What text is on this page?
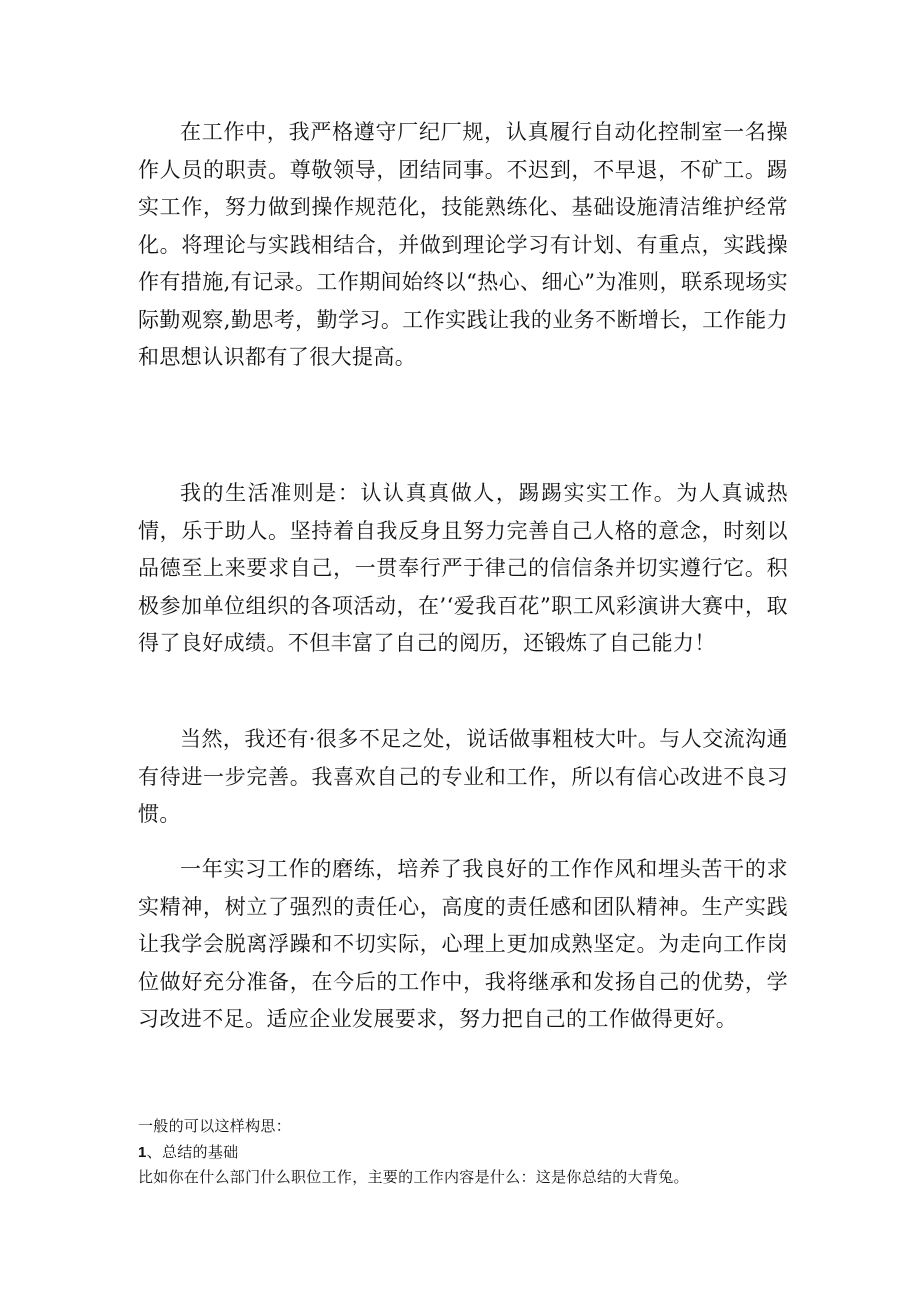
在工作中，我严格遵守厂纪厂规，认真履行自动化控制室一名操作人员的职责。尊敬领导，团结同事。不迟到，不早退，不矿工。踢实工作，努力做到操作规范化，技能熟练化、基础设施清洁维护经常化。将理论与实践相结合，并做到理论学习有计划、有重点，实践操作有措施,有记录。工作期间始终以“热心、细心”为准则，联系现场实际勤观察,勤思考，勤学习。工作实践让我的业务不断增长，工作能力和思想认识都有了很大提高。

我的生活准则是：认认真真做人，踢踢实实工作。为人真诚热情，乐于助人。坚持着自我反身且努力完善自己人格的意念，时刻以品德至上来要求自己，一贯奉行严于律己的信信条并切实遵行它。积极参加单位组织的各项活动，在’‘爱我百花”职工风彩演讲大赛中，取得了良好成绩。不但丰富了自己的阅历，还锻炼了自己能力！

当然，我还有·很多不足之处，说话做事粗枝大叶。与人交流沟通有待进一步完善。我喜欢自己的专业和工作，所以有信心改进不良习惯。

一年实习工作的磨练，培养了我良好的工作作风和埋头苦干的求实精神，树立了强烈的责任心，高度的责任感和团队精神。生产实践让我学会脱离浮躁和不切实际，心理上更加成熟坚定。为走向工作岗位做好充分准备，在今后的工作中，我将继承和发扬自己的优势，学习改进不足。适应企业发展要求，努力把自己的工作做得更好。

一般的可以这样构思：

1、总结的基础

比如你在什么部门什么职位工作，主要的工作内容是什么：这是你总结的大背兔。
